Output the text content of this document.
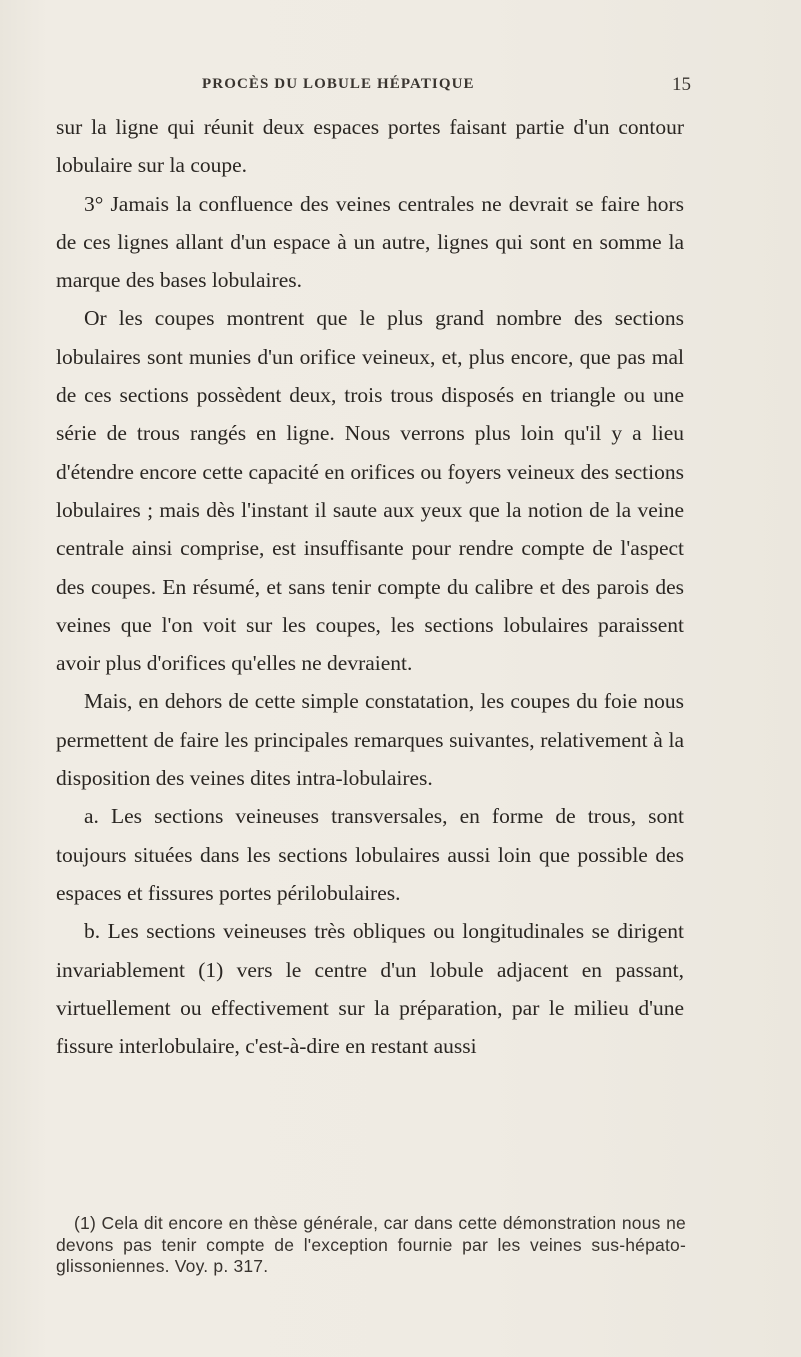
PROCÈS DU LOBULE HÉPATIQUE	15

sur la ligne qui réunit deux espaces portes faisant partie d'un contour lobulaire sur la coupe.

3° Jamais la confluence des veines centrales ne devrait se faire hors de ces lignes allant d'un espace à un autre, lignes qui sont en somme la marque des bases lobulaires.

Or les coupes montrent que le plus grand nombre des sections lobulaires sont munies d'un orifice veineux, et, plus encore, que pas mal de ces sections possèdent deux, trois trous disposés en triangle ou une série de trous rangés en ligne. Nous verrons plus loin qu'il y a lieu d'étendre encore cette capacité en orifices ou foyers veineux des sections lobulaires ; mais dès l'instant il saute aux yeux que la notion de la veine centrale ainsi comprise, est insuffisante pour rendre compte de l'aspect des coupes. En résumé, et sans tenir compte du calibre et des parois des veines que l'on voit sur les coupes, les sections lobulaires paraissent avoir plus d'orifices qu'elles ne devraient.

Mais, en dehors de cette simple constatation, les coupes du foie nous permettent de faire les principales remarques suivantes, relativement à la disposition des veines dites intra-lobulaires.

a. Les sections veineuses transversales, en forme de trous, sont toujours situées dans les sections lobulaires aussi loin que possible des espaces et fissures portes périlobulaires.

b. Les sections veineuses très obliques ou longitudinales se dirigent invariablement (1) vers le centre d'un lobule adjacent en passant, virtuellement ou effectivement sur la préparation, par le milieu d'une fissure interlobulaire, c'est-à-dire en restant aussi

(1) Cela dit encore en thèse générale, car dans cette démonstration nous ne devons pas tenir compte de l'exception fournie par les veines sus-hépato-glissoniennes. Voy. p. 317.
